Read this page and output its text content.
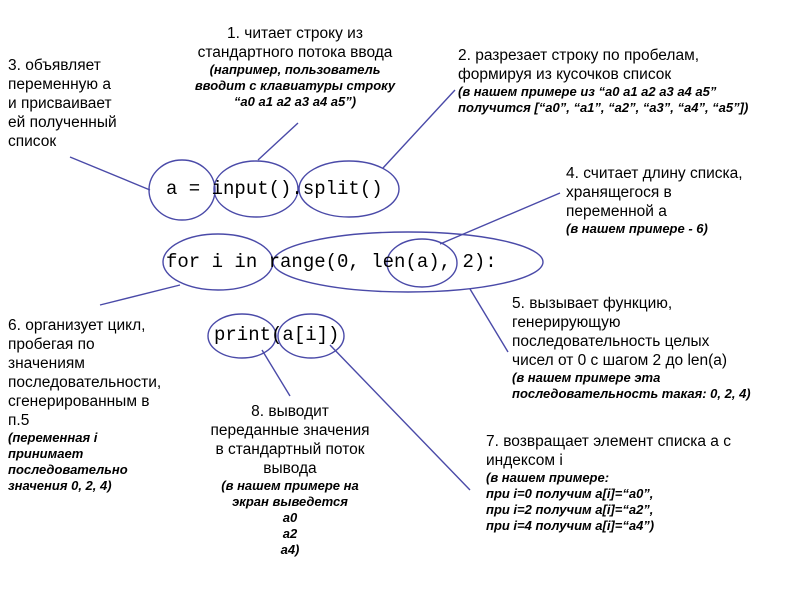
a = input().split()
for i in range(0, len(a), 2):
print(a[i])
1. читает строку из
стандартного потока ввода
(например, пользователь
вводит с клавиатуры строку
“a0 a1 a2 a3 a4 a5”)
2. разрезает строку по пробелам,
формируя из кусочков список
(в нашем примере из “a0 a1 a2 a3 a4 a5”
получится [“a0”, “a1”, “a2”, “a3”, “a4”, “a5”])
3. объявляет
переменную a
и присваивает
ей полученный
список
4. считает длину списка,
хранящегося в
переменной a
(в нашем примере - 6)
5. вызывает функцию,
генерирующую
последовательность целых
чисел от 0 с шагом 2 до len(a)
(в нашем примере эта
последовательность такая: 0, 2, 4)
6. организует цикл,
пробегая по
значениям
последовательности,
сгенерированным в
п.5
(переменная i
принимает
последовательно
значения 0, 2, 4)
7. возвращает элемент списка a с
индексом i
(в нашем примере:
при i=0 получим a[i]=“a0”,
при i=2 получим a[i]=“a2”,
при i=4 получим a[i]=“a4”)
8. выводит
переданные значения
в стандартный поток
вывода
(в нашем примере на
экран выведется
a0
a2
a4)
